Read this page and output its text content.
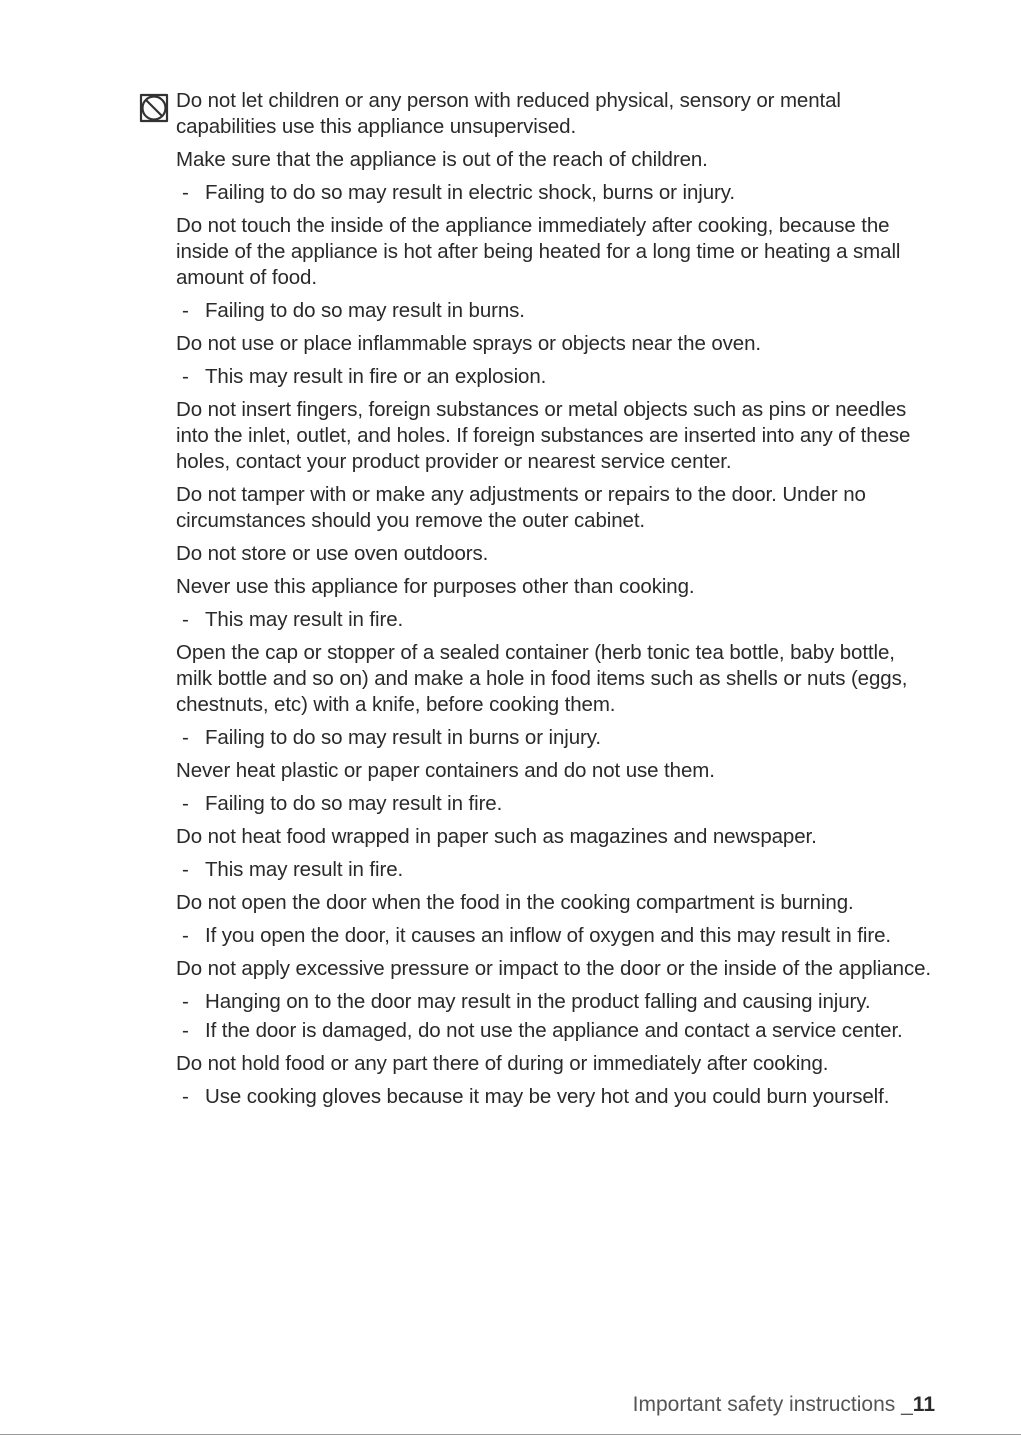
Do not let children or any person with reduced physical, sensory or mental capabilities use this appliance unsupervised.
Make sure that the appliance is out of the reach of children.
- Failing to do so may result in electric shock, burns or injury.
Do not touch the inside of the appliance immediately after cooking, because the inside of the appliance is hot after being heated for a long time or heating a small amount of food.
- Failing to do so may result in burns.
Do not use or place inflammable sprays or objects near the oven.
- This may result in fire or an explosion.
Do not insert fingers, foreign substances or metal objects such as pins or needles into the inlet, outlet, and holes. If foreign substances are inserted into any of these holes, contact your product provider or nearest service center.
Do not tamper with or make any adjustments or repairs to the door. Under no circumstances should you remove the outer cabinet.
Do not store or use oven outdoors.
Never use this appliance for purposes other than cooking.
- This may result in fire.
Open the cap or stopper of a sealed container (herb tonic tea bottle, baby bottle, milk bottle and so on) and make a hole in food items such as shells or nuts (eggs, chestnuts, etc) with a knife, before cooking them.
- Failing to do so may result in burns or injury.
Never heat plastic or paper containers and do not use them.
- Failing to do so may result in fire.
Do not heat food wrapped in paper such as magazines and newspaper.
- This may result in fire.
Do not open the door when the food in the cooking compartment is burning.
- If you open the door, it causes an inflow of oxygen and this may result in fire.
Do not apply excessive pressure or impact to the door or the inside of the appliance.
- Hanging on to the door may result in the product falling and causing injury.
- If the door is damaged, do not use the appliance and contact a service center.
Do not hold food or any part there of during or immediately after cooking.
- Use cooking gloves because it may be very hot and you could burn yourself.
Important safety instructions _11
